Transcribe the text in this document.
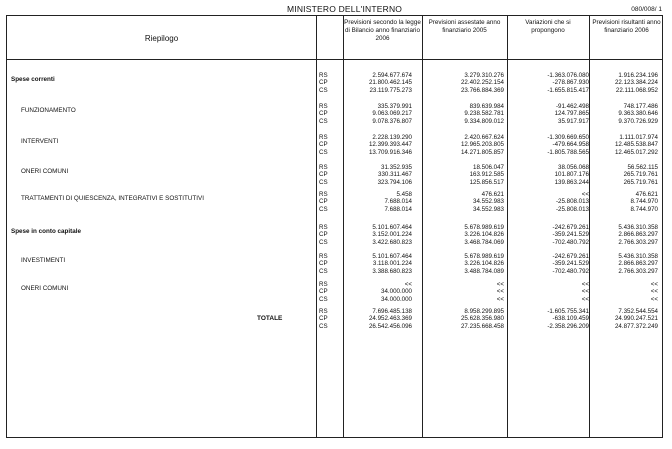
MINISTERO DELL'INTERNO	080/008/ 1
Riepilogo
Previsioni secondo la legge di Bilancio anno finanziario 2006
Previsioni assestate anno finanziario 2005
Variazioni che si propongono
Previsioni risultanti anno finanziario 2006
Spese correnti
RS
CP
CS
2.594.677.674
21.800.462.145
23.119.775.273
3.279.310.276
22.402.252.154
23.766.884.369
-1.363.076.080
-278.867.930
-1.655.815.417
1.916.234.196
22.123.384.224
22.111.068.952
FUNZIONAMENTO
RS
CP
CS
335.379.991
9.063.069.217
9.078.376.807
839.639.984
9.238.582.781
9.334.809.012
-91.462.498
124.797.865
35.917.917
748.177.486
9.363.380.646
9.370.726.929
INTERVENTI
RS
CP
CS
2.228.139.290
12.399.393.447
13.709.916.346
2.420.667.624
12.965.203.805
14.271.805.857
-1.309.669.650
-479.664.958
-1.805.788.565
1.111.017.974
12.485.538.847
12.465.017.292
ONERI COMUNI
RS
CP
CS
31.352.935
330.311.467
323.794.106
18.506.047
163.912.585
125.856.517
38.056.068
101.807.176
139.863.244
56.562.115
265.719.761
265.719.761
TRATTAMENTI DI QUIESCENZA, INTEGRATIVI E SOSTITUTIVI
RS
CP
CS
5.458
7.688.014
7.688.014
476.621
34.552.983
34.552.983
<<
-25.808.013
-25.808.013
476.621
8.744.970
8.744.970
Spese in conto capitale
RS
CP
CS
5.101.607.464
3.152.001.224
3.422.680.823
5.678.989.619
3.226.104.826
3.468.784.069
-242.679.261
-359.241.529
-702.480.792
5.436.310.358
2.866.863.297
2.766.303.297
INVESTIMENTI
RS
CP
CS
5.101.607.464
3.118.001.224
3.388.680.823
5.678.989.619
3.226.104.826
3.488.784.089
-242.679.261
-359.241.529
-702.480.792
5.436.310.358
2.866.863.297
2.766.303.297
ONERI COMUNI
RS
CP
CS
<<
34.000.000
34.000.000
<<
<<
<<
<<
<<
<<
<<
<<
<<
TOTALE
RS
CP
CS
7.696.485.138
24.952.463.369
26.542.456.096
8.958.299.895
25.628.356.980
27.235.668.458
-1.605.755.341
-638.109.459
-2.358.296.209
7.352.544.554
24.990.247.521
24.877.372.249
